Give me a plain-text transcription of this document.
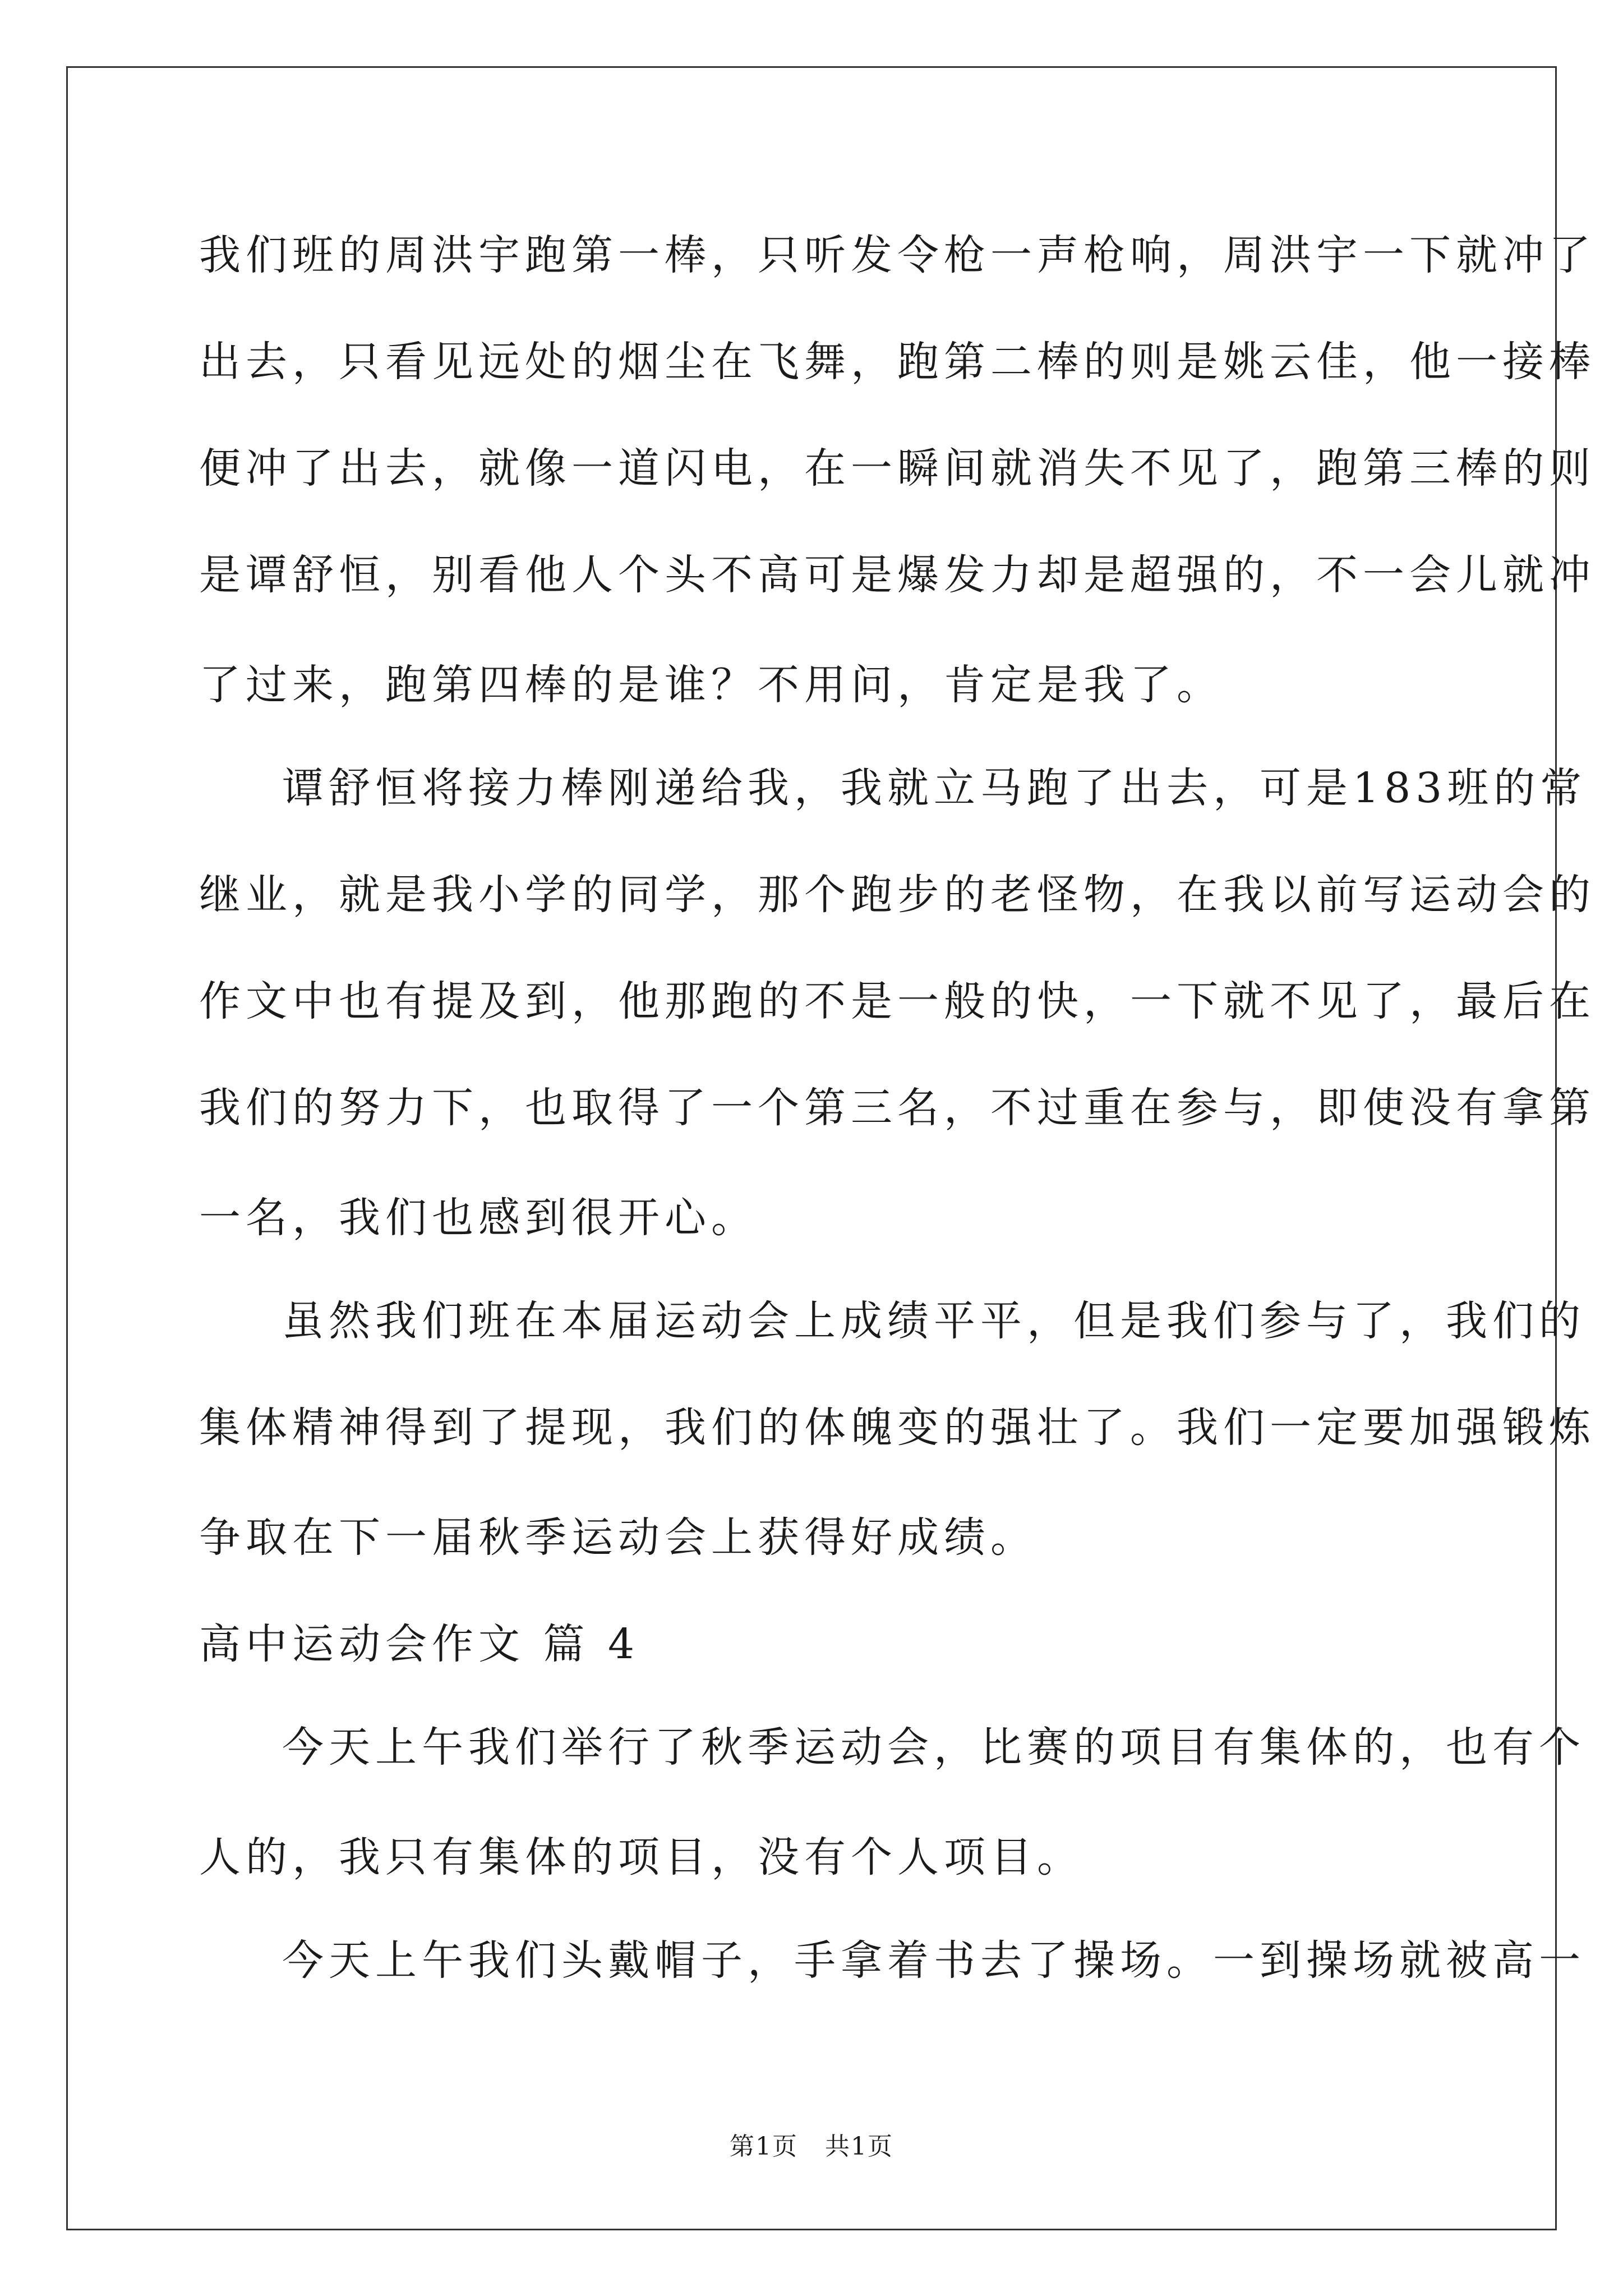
我们班的周洪宇跑第一棒，只听发令枪一声枪响，周洪宇一下就冲了
出去，只看见远处的烟尘在飞舞，跑第二棒的则是姚云佳，他一接棒
便冲了出去，就像一道闪电，在一瞬间就消失不见了，跑第三棒的则
是谭舒恒，别看他人个头不高可是爆发力却是超强的，不一会儿就冲
了过来，跑第四棒的是谁？不用问，肯定是我了。
谭舒恒将接力棒刚递给我，我就立马跑了出去，可是183班的常
继业，就是我小学的同学，那个跑步的老怪物，在我以前写运动会的
作文中也有提及到，他那跑的不是一般的快，一下就不见了，最后在
我们的努力下，也取得了一个第三名，不过重在参与，即使没有拿第
一名，我们也感到很开心。
虽然我们班在本届运动会上成绩平平，但是我们参与了，我们的
集体精神得到了提现，我们的体魄变的强壮了。我们一定要加强锻炼
争取在下一届秋季运动会上获得好成绩。
高中运动会作文 篇 4
今天上午我们举行了秋季运动会，比赛的项目有集体的，也有个
人的，我只有集体的项目，没有个人项目。
今天上午我们头戴帽子，手拿着书去了操场。一到操场就被高一
第1页   共1页
